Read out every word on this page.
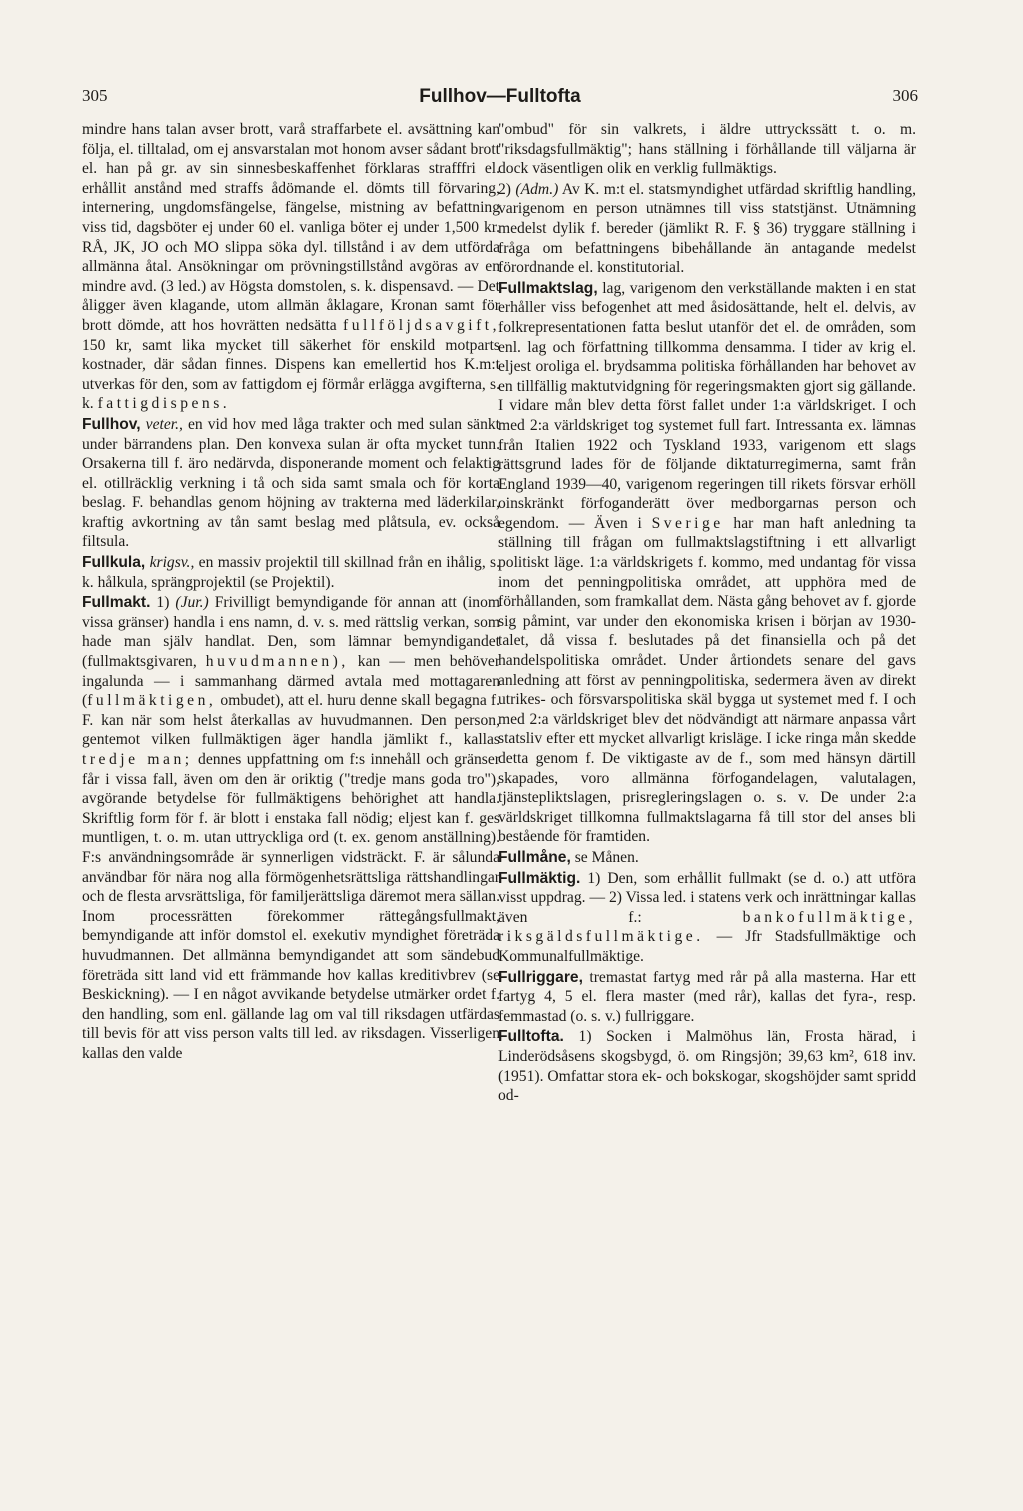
305	Fullhov—Fulltofta	306

mindre hans talan avser brott, varå straffarbete el. avsättning kan följa, el. tilltalad, om ej ansvarstalan mot honom avser sådant brott el. han på gr. av sin sinnesbeskaffenhet förklaras strafffri el. erhållit anstånd med straffs ådömande el. dömts till förvaring, internering, ungdomsfängelse, fängelse, mistning av befattning viss tid, dagsböter ej under 60 el. vanliga böter ej under 1,500 kr. RÅ, JK, JO och MO slippa söka dyl. tillstånd i av dem utförda allmänna åtal. Ansökningar om prövningstillstånd avgöras av en mindre avd. (3 led.) av Högsta domstolen, s. k. dispensavd. — Det åligger även klagande, utom allmän åklagare, Kronan samt för brott dömde, att hos hovrätten nedsätta fullföljdsavgift, 150 kr, samt lika mycket till säkerhet för enskild motparts kostnader, där sådan finnes. Dispens kan emellertid hos K.m:t utverkas för den, som av fattigdom ej förmår erlägga avgifterna, s. k. fattigdispens.

Fullhov, veter., en vid hov med låga trakter och med sulan sänkt under bärrandens plan. Den konvexa sulan är ofta mycket tunn. Orsakerna till f. äro nedärvda, disponerande moment och felaktig el. otillräcklig verkning i tå och sida samt smala och för korta beslag. F. behandlas genom höjning av trakterna med läderkilar, kraftig avkortning av tån samt beslag med plåtsula, ev. också filtsula.

Fullkula, krigsv., en massiv projektil till skillnad från en ihålig, s. k. hålkula, sprängprojektil (se Projektil).

Fullmakt. 1) (Jur.) Frivilligt bemyndigande för annan att (inom vissa gränser) handla i ens namn, d. v. s. med rättslig verkan, som hade man själv handlat. Den, som lämnar bemyndigandet (fullmaktsgivaren, huvudmannen), kan — men behöver ingalunda — i sammanhang därmed avtala med mottagaren (fullmäktigen, ombudet), att el. huru denne skall begagna f. F. kan när som helst återkallas av huvudmannen. Den person, gentemot vilken fullmäktigen äger handla jämlikt f., kallas tredje man; dennes uppfattning om f:s innehåll och gränser får i vissa fall, även om den är oriktig ("tredje mans goda tro"), avgörande betydelse för fullmäktigens behörighet att handla. Skriftlig form för f. är blott i enstaka fall nödig; eljest kan f. ges muntligen, t. o. m. utan uttryckliga ord (t. ex. genom anställning). F:s användningsområde är synnerligen vidsträckt. F. är sålunda användbar för nära nog alla förmögenhetsrättsliga rättshandlingar och de flesta arvsrättsliga, för familjerättsliga däremot mera sällan. Inom processrätten förekommer rättegångsfullmakt, bemyndigande att inför domstol el. exekutiv myndighet företräda huvudmannen. Det allmänna bemyndigandet att som sändebud företräda sitt land vid ett främmande hov kallas kreditivbrev (se Beskickning). — I en något avvikande betydelse utmärker ordet f. den handling, som enl. gällande lag om val till riksdagen utfärdas till bevis för att viss person valts till led. av riksdagen. Visserligen kallas den valde

"ombud" för sin valkrets, i äldre uttryckssätt t. o. m. "riksdagsfullmäktig"; hans ställning i förhållande till väljarna är dock väsentligen olik en verklig fullmäktigs.

2) (Adm.) Av K. m:t el. statsmyndighet utfärdad skriftlig handling, varigenom en person utnämnes till viss statstjänst. Utnämning medelst dylik f. bereder (jämlikt R. F. § 36) tryggare ställning i fråga om befattningens bibehållande än antagande medelst förordnande el. konstitutorial.

Fullmaktslag, lag, varigenom den verkställande makten i en stat erhåller viss befogenhet att med åsidosättande, helt el. delvis, av folkrepresentationen fatta beslut utanför det el. de områden, som enl. lag och författning tillkomma densamma. I tider av krig el. eljest oroliga el. brydsamma politiska förhållanden har behovet av en tillfällig maktutvidgning för regeringsmakten gjort sig gällande. I vidare mån blev detta först fallet under 1:a världskriget. I och med 2:a världskriget tog systemet full fart. Intressanta ex. lämnas från Italien 1922 och Tyskland 1933, varigenom ett slags rättsgrund lades för de följande diktaturregimerna, samt från England 1939—40, varigenom regeringen till rikets försvar erhöll oinskränkt förfoganderätt över medborgarnas person och egendom. — Även i Sverige har man haft anledning ta ställning till frågan om fullmaktslagstiftning i ett allvarligt politiskt läge. 1:a världskrigets f. kommo, med undantag för vissa inom det penningpolitiska området, att upphöra med de förhållanden, som framkallat dem. Nästa gång behovet av f. gjorde sig påmint, var under den ekonomiska krisen i början av 1930-talet, då vissa f. beslutades på det finansiella och på det handelspolitiska området. Under årtiondets senare del gavs anledning att först av penningpolitiska, sedermera även av direkt utrikes- och försvarspolitiska skäl bygga ut systemet med f. I och med 2:a världskriget blev det nödvändigt att närmare anpassa vårt statsliv efter ett mycket allvarligt krisläge. I icke ringa mån skedde detta genom f. De viktigaste av de f., som med hänsyn därtill skapades, voro allmänna förfogandelagen, valutalagen, tjänstepliktslagen, prisregleringslagen o. s. v. De under 2:a världskriget tillkomna fullmaktslagarna få till stor del anses bli bestående för framtiden.

Fullmåne, se Månen.

Fullmäktig. 1) Den, som erhållit fullmakt (se d. o.) att utföra visst uppdrag. — 2) Vissa led. i statens verk och inrättningar kallas även f.:	bankofullmäktige, riksgäldsfullmäktige. — Jfr Stadsfullmäktige och Kommunalfullmäktige.

Fullriggare, tremastat fartyg med rår på alla masterna. Har ett fartyg 4, 5 el. flera master (med rår), kallas det fyra-, resp. femmastad (o. s. v.) fullriggare.

Fulltofta. 1) Socken i Malmöhus län, Frosta härad, i Linderödsåsens skogsbygd, ö. om Ringsjön; 39,63 km², 618 inv. (1951). Omfattar stora ek- och bokskogar, skogshöjder samt spridd od-
